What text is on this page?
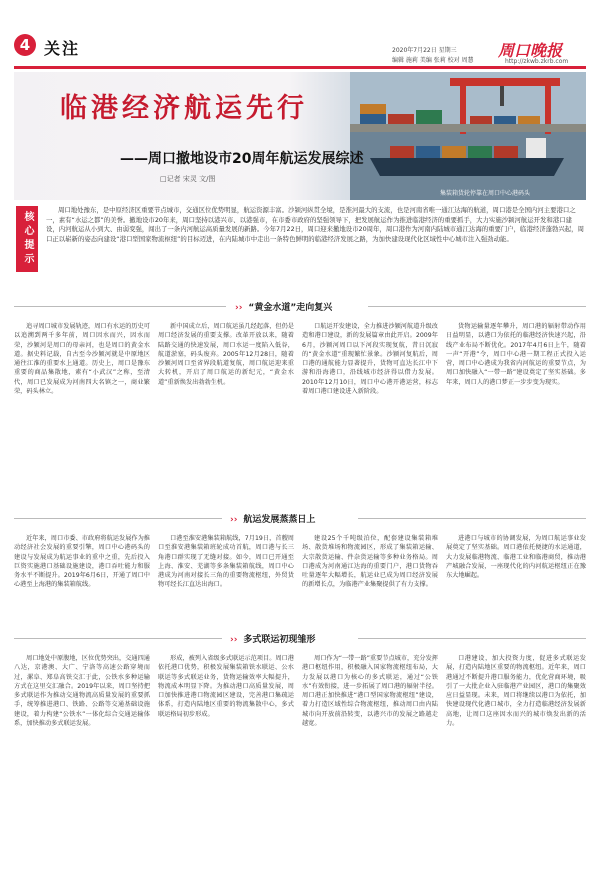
4 关注	2020年7月22日 星期三
编辑 施莉 美编 张莉 校对 周慧
周口晚报
http://zkwb.zkrb.com
临港经济航运先行
——周口撤地设市20周年航运发展综述
□记者 宋灵 文/图
集装箱货轮停靠在周口中心港码头
核心提示
周口地处豫东，是中原经济区重要节点城市，交通区位优势明显，航运资源丰富。沙颍河纵贯全境，是淮河最大的支流，也是河南省唯一通江达海的航道，周口港是全国内河主要港口之一，素有“水运之都”的美誉。撤地设市20年来，周口坚持以港兴市、以港强市，在市委市政府的坚强领导下，把发展航运作为推进临港经济的重要抓手，大力实施沙颍河航运开发和港口建设，内河航运从小到大、由弱变强，闯出了一条内河航运高质量发展的新路。今年7月22日，周口迎来撤地设市20周年，周口港作为河南内陆城市通江达海的重要门户，临港经济蓬勃兴起，周口正以崭新的姿态向建设“港口型国家物流枢纽”的目标迈进，在内陆城市中走出一条特色鲜明的临港经济发展之路，为加快建设现代化区域性中心城市注入强劲动能。
›› “黄金水道”走向复兴

追寻周口城市发展轨迹，周口有水运的历史可以追溯到两千多年前，周口因水而兴，因水而荣，沙颍河是周口的母亲河，也是周口的黄金水道。据史料记载，自古至今沙颍河就是中原地区通往江淮的重要水上通道。历史上，周口是豫东重要的商品集散地，素有“小武汉”之称，至清代，周口已发展成为河南四大名镇之一，商业繁荣，码头林立。

新中国成立后，周口航运虽几经起落，但仍是周口经济发展的重要支撑。改革开放以来，随着陆路交通的快速发展，周口水运一度陷入低谷，航道淤塞，码头废弃。2005年12月28日，随着沙颍河周口至省界段航道复航，周口航运迎来重大转机，开启了周口航运的新纪元，“黄金水道”重新焕发出勃勃生机。

口航运开发建设，全力推进沙颍河航道升级改造和港口建设，新的发展篇章由此开启。2009年6月，沙颍河周口以下河段实现复航，昔日沉寂的“黄金水道”重现繁忙景象。沙颍河复航后，周口港的通航能力显著提升，货物可直达长江中下游和沿海港口，沿线城市经济得以借力发展。2010年12月10日，周口中心港开港运营，标志着周口港口建设进入新阶段。

货物运输量逐年攀升，周口港的辐射带动作用日益明显，以港口为依托的临港经济快速兴起，沿线产业布局不断优化。2017年4月6日上午，随着一声“开港”令，周口中心港一期工程正式投入运营，周口中心港成为我省内河航运的重要节点，为周口加快融入“一带一路”建设奠定了坚实基础。多年来，周口人的港口梦正一步步变为现实。

›› 航运发展蒸蒸日上

近年来，周口市委、市政府将航运发展作为推动经济社会发展的重要引擎，周口中心港码头的建设与发展成为航运事业的重中之重，先后投入巨资实施港口基础设施建设，港口吞吐能力和服务水平不断提升。2019年6月6日，开通了周口中心港至上海港的集装箱航线。

口港至淮安港集装箱航线，7月19日，首艘周口至淮安港集装箱班轮成功首航，周口港与长三角港口群实现了无缝对接。如今，周口已开通至上海、淮安、芜湖等多条集装箱航线，周口中心港成为河南对接长三角的重要物流枢纽，外贸货物可经长江直达出海口。

建设25个千吨级泊位，配套建设集装箱堆场、散货堆场和物流园区，形成了集装箱运输、大宗散货运输、件杂货运输等多种业务格局。周口港成为河南通江达海的重要门户，港口货物吞吐量逐年大幅增长，航运业已成为周口经济发展的新增长点，为临港产业集聚提供了有力支撑。

进港口与城市的协调发展，为周口航运事业发展奠定了坚实基础。周口港依托便捷的水运通道，大力发展临港物流、临港工业和临港商贸，推动港产城融合发展，一座现代化的内河航运枢纽正在豫东大地崛起。

›› 多式联运初现雏形

周口地处中原腹地，区位优势突出，交通四通八达，京港澳、大广、宁洛等高速公路穿境而过，漯阜、郑阜高铁交汇于此，公铁水多种运输方式在这里交汇融合。2019年以来，周口坚持把多式联运作为推动交通物流高质量发展的重要抓手，统筹推进港口、铁路、公路等交通基础设施建设，着力构建“公铁水”一体化综合交通运输体系，加快推动多式联运发展。

形成，被列入省级多式联运示范项目。周口港依托港口优势，积极发展集装箱铁水联运、公水联运等多式联运业务，货物运输效率大幅提升，物流成本明显下降。为推动港口高质量发展，周口加快推进港口物流园区建设，完善港口集疏运体系，打造内陆地区重要的物流集散中心，多式联运格局初步形成。

周口作为“一带一路”重要节点城市，充分发挥港口枢纽作用，积极融入国家物流枢纽布局，大力发展以港口为核心的多式联运，通过“公铁水”有效衔接，进一步拓展了周口港的辐射半径。周口港正加快推进“港口型国家物流枢纽”建设，着力打造区域性综合物流枢纽，推动周口由内陆城市向开放前沿转变，以港兴市的发展之路越走越宽。

口港建设，加大投资力度，促进多式联运发展，打造内陆地区重要的物流枢纽。近年来，周口港通过不断提升港口服务能力，优化营商环境，吸引了一大批企业入驻临港产业园区，港口的集聚效应日益显现。未来，周口将继续以港口为依托，加快建设现代化港口城市，全力打造临港经济发展新高地，让周口这座因水而兴的城市焕发出新的活力。
